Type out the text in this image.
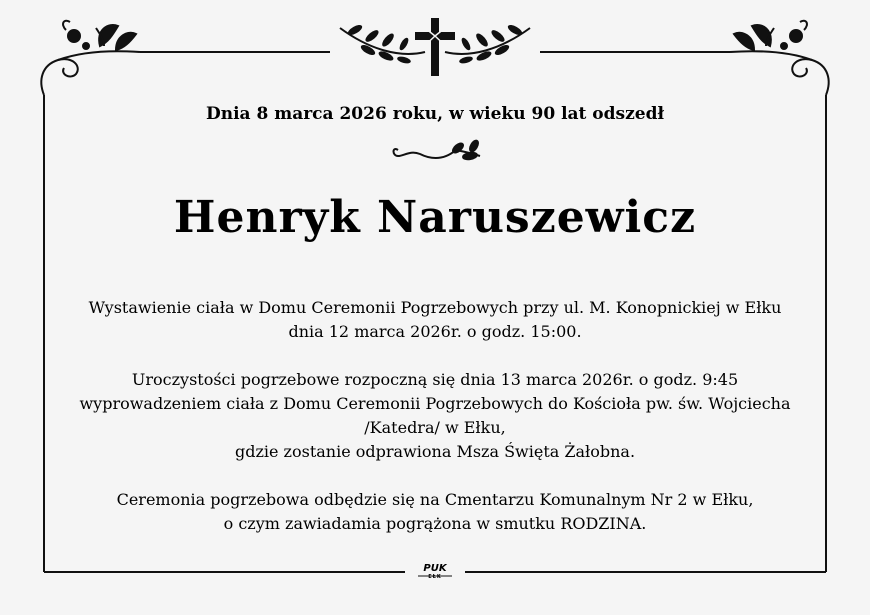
Dnia 8 marca 2026 roku, w wieku 90 lat odszedł
Henryk Naruszewicz
Wystawienie ciała w Domu Ceremonii Pogrzebowych przy ul. M. Konopnickiej w Ełku
dnia 12 marca 2026r. o godz. 15:00.
Uroczystości pogrzebowe rozpoczną się dnia 13 marca 2026r. o godz. 9:45
wyprowadzeniem ciała z Domu Ceremonii Pogrzebowych do Kościoła pw. św. Wojciecha
/Katedra/ w Ełku,
gdzie zostanie odprawiona Msza Święta Żałobna.
Ceremonia pogrzebowa odbędzie się na Cmentarzu Komunalnym Nr 2 w Ełku,
o czym zawiadamia pogrążona w smutku RODZINA.
PUK
EŁK
